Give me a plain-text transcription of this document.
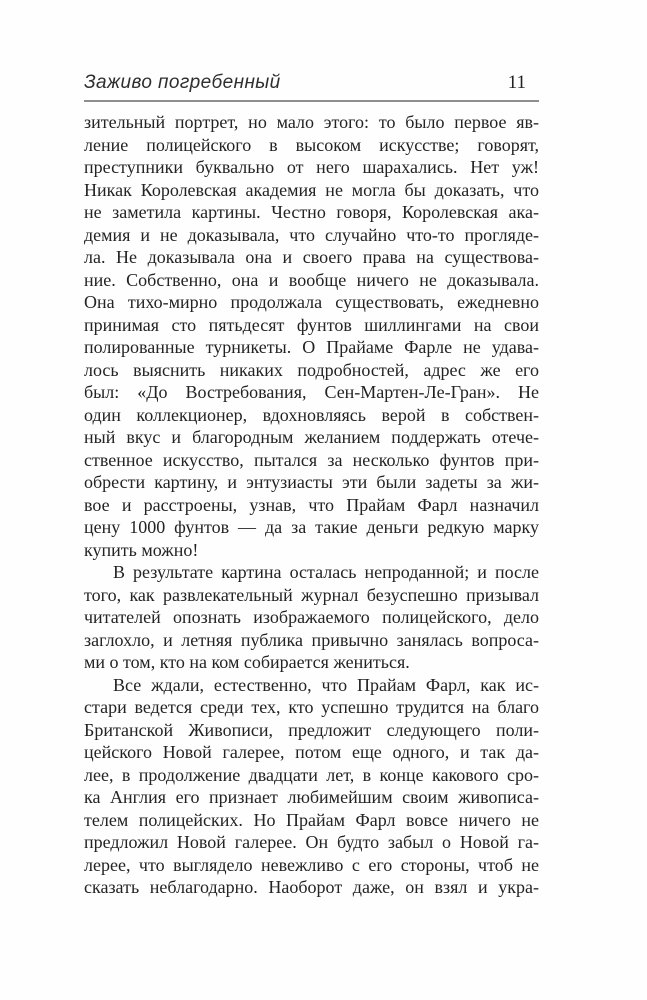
Заживо погребенный	11
зительный портрет, но мало этого: то было первое яв-
ление полицейского в высоком искусстве; говорят,
преступники буквально от него шарахались. Нет уж!
Никак Королевская академия не могла бы доказать, что
не заметила картины. Честно говоря, Королевская ака-
демия и не доказывала, что случайно что-то прогляде-
ла. Не доказывала она и своего права на существова-
ние. Собственно, она и вообще ничего не доказывала.
Она тихо-мирно продолжала существовать, ежедневно
принимая сто пятьдесят фунтов шиллингами на свои
полированные турникеты. О Прайаме Фарле не удава-
лось выяснить никаких подробностей, адрес же его
был: «До Востребования, Сен-Мартен-Ле-Гран». Не
один коллекционер, вдохновляясь верой в собствен-
ный вкус и благородным желанием поддержать отече-
ственное искусство, пытался за несколько фунтов при-
обрести картину, и энтузиасты эти были задеты за жи-
вое и расстроены, узнав, что Прайам Фарл назначил
цену 1000 фунтов — да за такие деньги редкую марку
купить можно!
В результате картина осталась непроданной; и после
того, как развлекательный журнал безуспешно призывал
читателей опознать изображаемого полицейского, дело
заглохло, и летняя публика привычно занялась вопроса-
ми о том, кто на ком собирается жениться.
Все ждали, естественно, что Прайам Фарл, как ис-
стари ведется среди тех, кто успешно трудится на благо
Британской Живописи, предложит следующего поли-
цейского Новой галерее, потом еще одного, и так да-
лее, в продолжение двадцати лет, в конце какового сро-
ка Англия его признает любимейшим своим живописа-
телем полицейских. Но Прайам Фарл вовсе ничего не
предложил Новой галерее. Он будто забыл о Новой га-
лерее, что выглядело невежливо с его стороны, чтоб не
сказать неблагодарно. Наоборот даже, он взял и укра-
